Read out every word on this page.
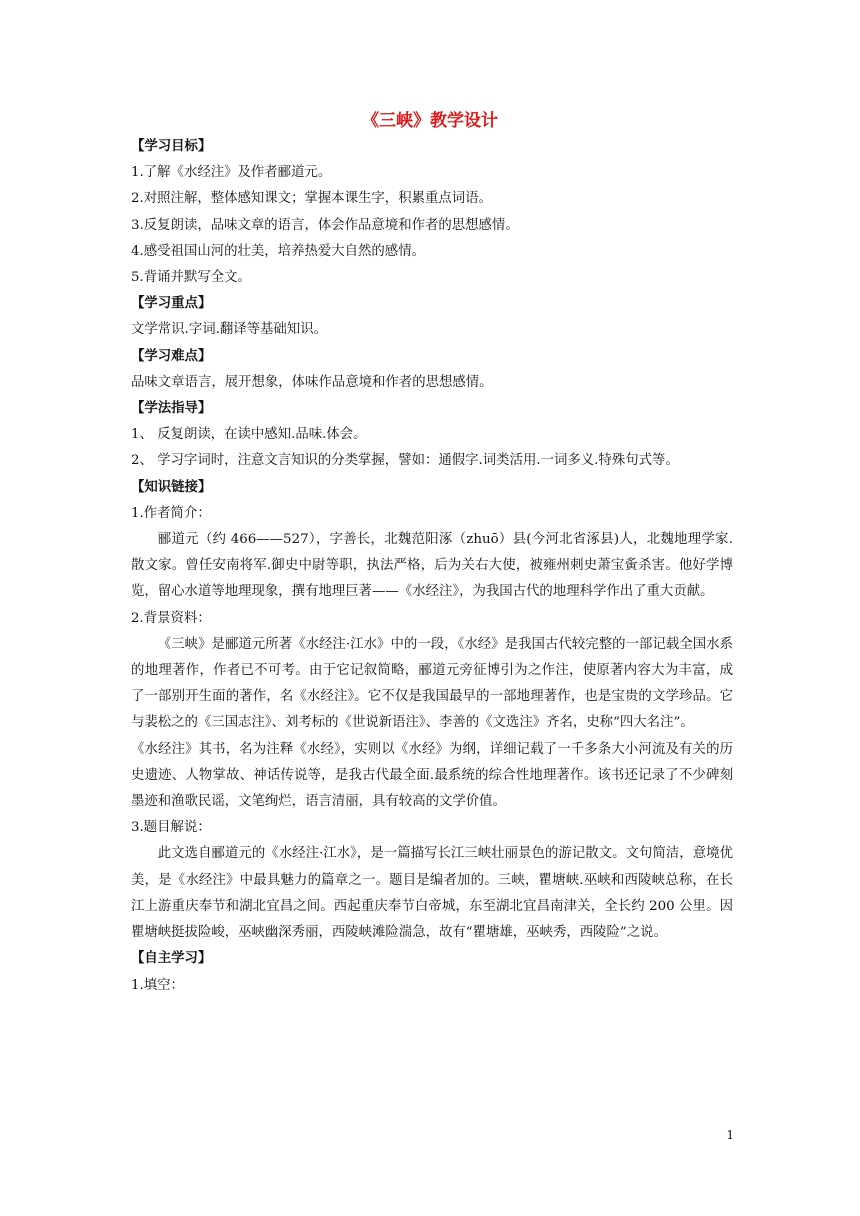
《三峡》教学设计

【学习目标】

1.了解《水经注》及作者郦道元。

2.对照注解，整体感知课文；掌握本课生字，积累重点词语。

3.反复朗读，品味文章的语言，体会作品意境和作者的思想感情。

4.感受祖国山河的壮美，培养热爱大自然的感情。

5.背诵并默写全文。

【学习重点】

文学常识.字词.翻译等基础知识。

【学习难点】

品味文章语言，展开想象，体味作品意境和作者的思想感情。

【学法指导】

1、 反复朗读，在读中感知.品味.体会。

2、 学习字词时，注意文言知识的分类掌握，譬如：通假字.词类活用.一词多义.特殊句式等。

【知识链接】

1.作者简介：

郦道元（约 466——527），字善长，北魏范阳涿（zhuō）县(今河北省涿县)人，北魏地理学家.散文家。曾任安南将军.御史中尉等职，执法严格，后为关右大使，被雍州刺史萧宝夤杀害。他好学博览，留心水道等地理现象，撰有地理巨著——《水经注》，为我国古代的地理科学作出了重大贡献。

2.背景资料：

《三峡》是郦道元所著《水经注·江水》中的一段，《水经》是我国古代较完整的一部记载全国水系的地理著作，作者已不可考。由于它记叙简略，郦道元旁征博引为之作注，使原著内容大为丰富，成了一部别开生面的著作，名《水经注》。它不仅是我国最早的一部地理著作，也是宝贵的文学珍品。它与裴松之的《三国志注》、刘考标的《世说新语注》、李善的《文选注》齐名，史称“四大名注”。

《水经注》其书，名为注释《水经》，实则以《水经》为纲，详细记载了一千多条大小河流及有关的历史遗迹、人物掌故、神话传说等，是我古代最全面.最系统的综合性地理著作。该书还记录了不少碑刻墨迹和渔歌民谣，文笔绚烂，语言清丽，具有较高的文学价值。

3.题目解说：

此文选自郦道元的《水经注·江水》，是一篇描写长江三峡壮丽景色的游记散文。文句简洁，意境优美，是《水经注》中最具魅力的篇章之一。题目是编者加的。三峡，瞿塘峡.巫峡和西陵峡总称，在长江上游重庆奉节和湖北宜昌之间。西起重庆奉节白帝城，东至湖北宜昌南津关，全长约 200 公里。因瞿塘峡挺拔险峻，巫峡幽深秀丽，西陵峡滩险湍急，故有“瞿塘雄，巫峡秀，西陵险”之说。

【自主学习】

1.填空：

1
